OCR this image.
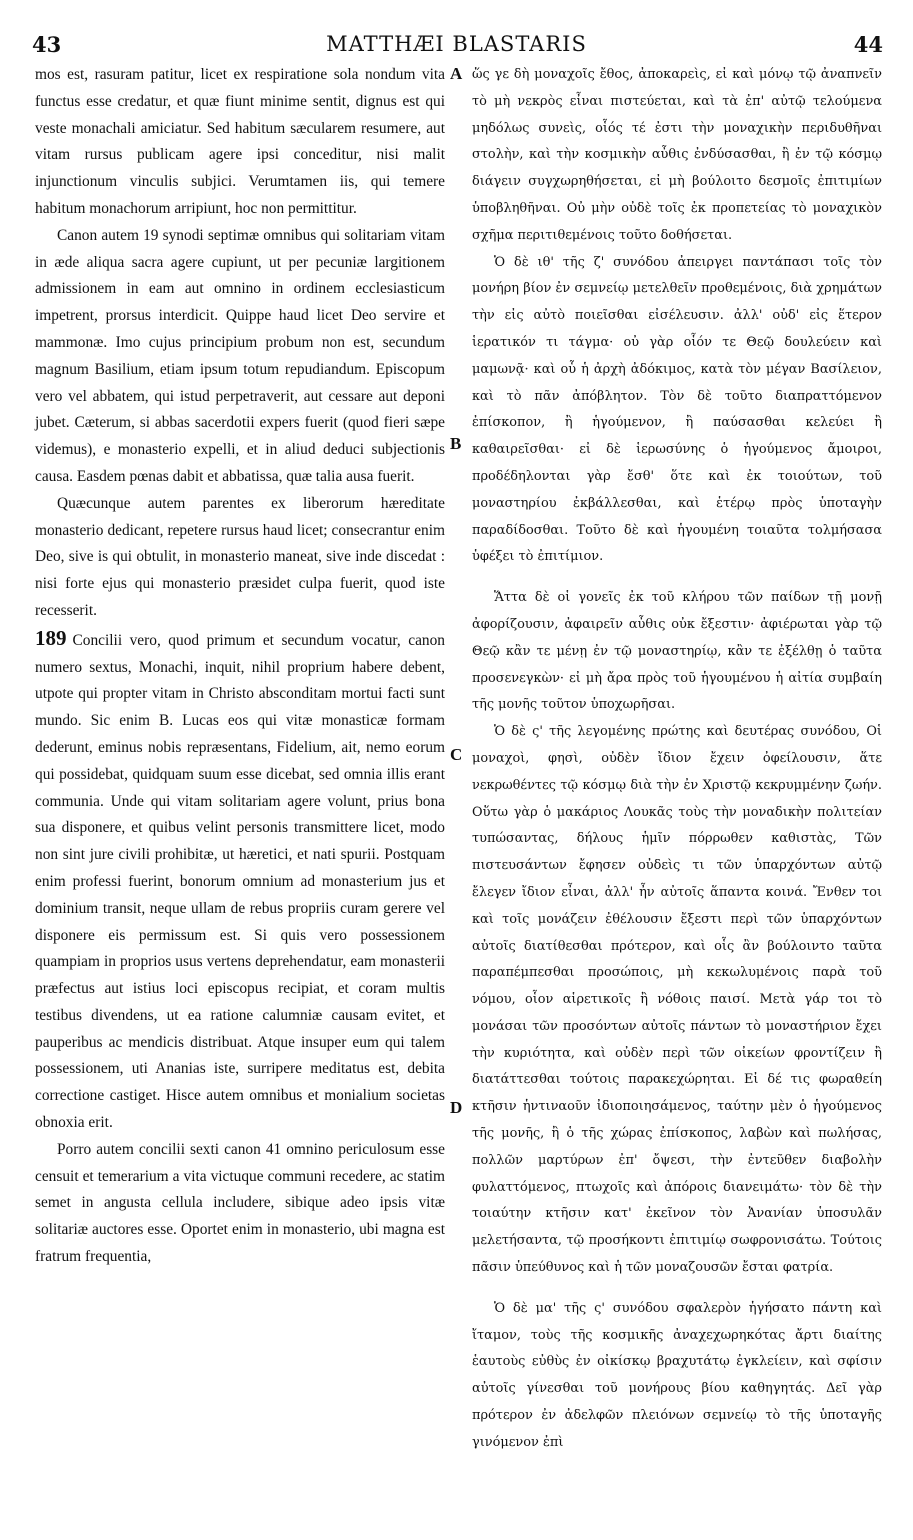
43	MATTHÆI BLASTARIS	44

mos est, rasuram patitur, licet ex respiratione sola nondum vita functus esse credatur, et quæ fiunt minime sentit, dignus est qui veste monachali amiciatur. Sed habitum sæcularem resumere, aut vitam rursus publicam agere ipsi conceditur, nisi malit injunctionum vinculis subjici. Verumtamen iis, qui temere habitum monachorum arripiunt, hoc non permittitur.

Canon autem 19 synodi septimæ omnibus qui solitariam vitam in æde aliqua sacra agere cupiunt, ut per pecuniæ largitionem admissionem in eam aut omnino in ordinem ecclesiasticum impetrent, prorsus interdicit. Quippe haud licet Deo servire et mammonæ. Imo cujus principium probum non est, secundum magnum Basilium, etiam ipsum totum repudiandum. Episcopum vero vel abbatem, qui istud perpetraverit, aut cessare aut deponi jubet. Cæterum, si abbas sacerdotii expers fuerit (quod fieri sæpe videmus), e monasterio expelli, et in aliud deduci subjectionis causa. Easdem pœnas dabit et abbatissa, quæ talia ausa fuerit.

Quæcunque autem parentes ex liberorum hæreditate monasterio dedicant, repetere rursus haud licet; consecrantur enim Deo, sive is qui obtulit, in monasterio maneat, sive inde discedat : nisi forte ejus qui monasterio præsidet culpa fuerit, quod iste recesserit.

189 Concilii vero, quod primum et secundum vocatur, canon numero sextus, Monachi, inquit, nihil proprium habere debent, utpote qui propter vitam in Christo absconditam mortui facti sunt mundo. Sic enim B. Lucas eos qui vitæ monasticæ formam dederunt, eminus nobis repræsentans, Fidelium, ait, nemo eorum qui possidebat, quidquam suum esse dicebat, sed omnia illis erant communia. Unde qui vitam solitariam agere volunt, prius bona sua disponere, et quibus velint personis transmittere licet, modo non sint jure civili prohibitæ, ut hæretici, et nati spurii. Postquam enim professi fuerint, bonorum omnium ad monasterium jus et dominium transit, neque ullam de rebus propriis curam gerere vel disponere eis permissum est. Si quis vero possessionem quampiam in proprios usus vertens deprehendatur, eam monasterii præfectus aut istius loci episcopus recipiat, et coram multis testibus divendens, ut ea ratione calumniæ causam evitet, et pauperibus ac mendicis distribuat. Atque insuper eum qui talem possessionem, uti Ananias iste, surripere meditatus est, debita correctione castiget. Hisce autem omnibus et monialium societas obnoxia erit.

Porro autem concilii sexti canon 41 omnino periculosum esse censuit et temerarium a vita victuque communi recedere, ac statim semet in angusta cellula includere, sibique adeo ipsis vitæ solitariæ auctores esse. Oportet enim in monasterio, ubi magna est fratrum frequentia,

A
B
C
D

ὥς γε δὴ μοναχοῖς ἔθος, ἀποκαρεὶς, εἰ καὶ μόνῳ τῷ ἀναπνεῖν τὸ μὴ νεκρὸς εἶναι πιστεύεται, καὶ τὰ ἐπ' αὐτῷ τελούμενα μηδόλως συνεὶς, οἷός τέ ἐστι τὴν μοναχικὴν περιδυθῆναι στολὴν, καὶ τὴν κοσμικὴν αὖθις ἐνδύσασθαι, ἢ ἐν τῷ κόσμῳ διάγειν συγχωρηθήσεται, εἰ μὴ βούλοιτο δεσμοῖς ἐπιτιμίων ὑποβληθῆναι. Οὐ μὴν οὐδὲ τοῖς ἐκ προπετείας τὸ μοναχικὸν σχῆμα περιτιθεμένοις τοῦτο δοθήσεται.

Ὁ δὲ ιθ' τῆς ζ' συνόδου ἀπειργει παντάπασι τοῖς τὸν μονήρη βίον ἐν σεμνείῳ μετελθεῖν προθεμένοις, διὰ χρημάτων τὴν εἰς αὐτὸ ποιεῖσθαι εἰσέλευσιν. ἀλλ' οὐδ' εἰς ἕτερον ἱερατικόν τι τάγμα· οὐ γὰρ οἷόν τε Θεῷ δουλεύειν καὶ μαμωνᾷ· καὶ οὗ ἡ ἀρχὴ ἀδόκιμος, κατὰ τὸν μέγαν Βασίλειον, καὶ τὸ πᾶν ἀπόβλητον. Τὸν δὲ τοῦτο διαπραττόμενον ἐπίσκοπον, ἢ ἡγούμενον, ἢ παύσασθαι κελεύει ἢ καθαιρεῖσθαι· εἰ δὲ ἱερωσύνης ὁ ἡγούμενος ἄμοιροι, προδέδηλονται γὰρ ἔσθ' ὅτε καὶ ἐκ τοιούτων, τοῦ μοναστηρίου ἐκβάλλεσθαι, καὶ ἑτέρῳ πρὸς ὑποταγὴν παραδίδοσθαι. Τοῦτο δὲ καὶ ἡγουμένη τοιαῦτα τολμήσασα ὑφέξει τὸ ἐπιτίμιον.

Ἅττα δὲ οἱ γονεῖς ἐκ τοῦ κλήρου τῶν παίδων τῇ μονῇ ἀφορίζουσιν, ἀφαιρεῖν αὖθις οὐκ ἔξεστιν· ἀφιέρωται γὰρ τῷ Θεῷ κἂν τε μένῃ ἐν τῷ μοναστηρίῳ, κἂν τε ἐξέλθῃ ὁ ταῦτα προσενεγκὼν· εἰ μὴ ἄρα πρὸς τοῦ ἡγουμένου ἡ αἰτία συμβαίη τῆς μονῆς τοῦτον ὑποχωρῆσαι.

Ὁ δὲ ς' τῆς λεγομένης πρώτης καὶ δευτέρας συνόδου, Οἱ μοναχοὶ, φησὶ, οὐδὲν ἴδιον ἔχειν ὀφείλουσιν, ἅτε νεκρωθέντες τῷ κόσμῳ διὰ τὴν ἐν Χριστῷ κεκρυμμένην ζωήν. Οὕτω γὰρ ὁ μακάριος Λουκᾶς τοὺς τὴν μοναδικὴν πολιτείαν τυπώσαντας, δήλους ἡμῖν πόρρωθεν καθιστὰς, Τῶν πιστευσάντων ἔφησεν οὐδεὶς τι τῶν ὑπαρχόντων αὐτῷ ἔλεγεν ἴδιον εἶναι, ἀλλ' ἦν αὐτοῖς ἅπαντα κοινά. Ἔνθεν τοι καὶ τοῖς μονάζειν ἐθέλουσιν ἔξεστι περὶ τῶν ὑπαρχόντων αὐτοῖς διατίθεσθαι πρότερον, καὶ οἷς ἂν βούλοιντο ταῦτα παραπέμπεσθαι προσώποις, μὴ κεκωλυμένοις παρὰ τοῦ νόμου, οἷον αἱρετικοῖς ἢ νόθοις παισί. Μετὰ γάρ τοι τὸ μονάσαι τῶν προσόντων αὐτοῖς πάντων τὸ μοναστήριον ἔχει τὴν κυριότητα, καὶ οὐδὲν περὶ τῶν οἰκείων φροντίζειν ἢ διατάττεσθαι τούτοις παρακεχώρηται. Εἰ δέ τις φωραθείη κτῆσιν ἡντιναοῦν ἰδιοποιησάμενος, ταύτην μὲν ὁ ἡγούμενος τῆς μονῆς, ἢ ὁ τῆς χώρας ἐπίσκοπος, λαβὼν καὶ πωλήσας, πολλῶν μαρτύρων ἐπ' ὄψεσι, τὴν ἐντεῦθεν διαβολὴν φυλαττόμενος, πτωχοῖς καὶ ἀπόροις διανειμάτω· τὸν δὲ τὴν τοιαύτην κτῆσιν κατ' ἐκεῖνον τὸν Ἀνανίαν ὑποσυλᾶν μελετήσαντα, τῷ προσήκοντι ἐπιτιμίῳ σωφρονισάτω. Τούτοις πᾶσιν ὑπεύθυνος καὶ ἡ τῶν μοναζουσῶν ἔσται φατρία.

Ὁ δὲ μα' τῆς ς' συνόδου σφαλερὸν ἡγήσατο πάντη καὶ ἴταμον, τοὺς τῆς κοσμικῆς ἀναχεχωρηκότας ἄρτι διαίτης ἑαυτοὺς εὐθὺς ἐν οἰκίσκῳ βραχυτάτῳ ἐγκλείειν, καὶ σφίσιν αὐτοῖς γίνεσθαι τοῦ μονήρους βίου καθηγητάς. Δεῖ γὰρ πρότερον ἐν ἀδελφῶν πλειόνων σεμνείῳ τὸ τῆς ὑποταγῆς γινόμενον ἐπὶ
